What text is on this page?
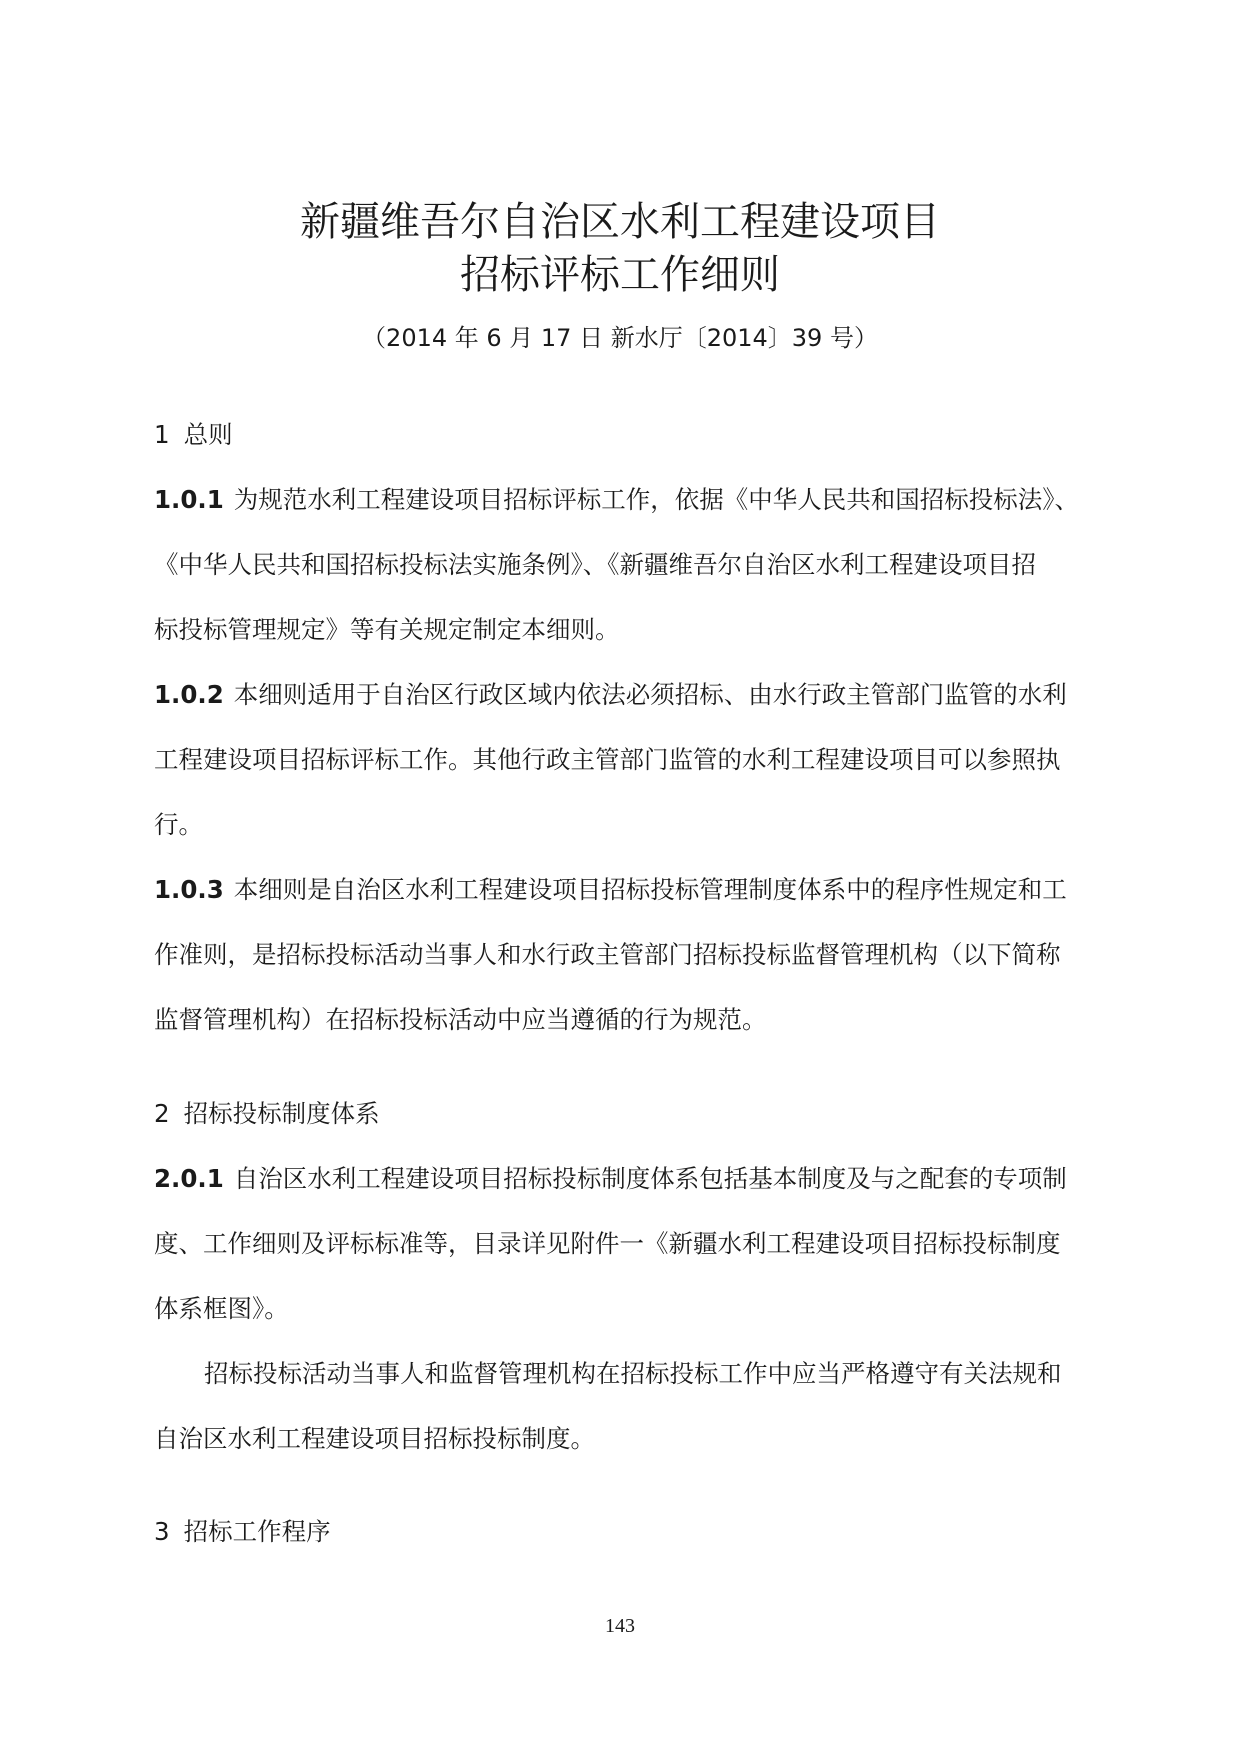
新疆维吾尔自治区水利工程建设项目
招标评标工作细则
（2014 年 6 月 17 日 新水厅〔2014〕39 号）
1 总则
1.0.1 为规范水利工程建设项目招标评标工作，依据《中华人民共和国招标投标法》、
《中华人民共和国招标投标法实施条例》、《新疆维吾尔自治区水利工程建设项目招
标投标管理规定》等有关规定制定本细则。
1.0.2 本细则适用于自治区行政区域内依法必须招标、由水行政主管部门监管的水利
工程建设项目招标评标工作。其他行政主管部门监管的水利工程建设项目可以参照执
行。
1.0.3 本细则是自治区水利工程建设项目招标投标管理制度体系中的程序性规定和工
作准则，是招标投标活动当事人和水行政主管部门招标投标监督管理机构（以下简称
监督管理机构）在招标投标活动中应当遵循的行为规范。
2 招标投标制度体系
2.0.1 自治区水利工程建设项目招标投标制度体系包括基本制度及与之配套的专项制
度、工作细则及评标标准等，目录详见附件一《新疆水利工程建设项目招标投标制度
体系框图》。
招标投标活动当事人和监督管理机构在招标投标工作中应当严格遵守有关法规和
自治区水利工程建设项目招标投标制度。
3 招标工作程序
143
